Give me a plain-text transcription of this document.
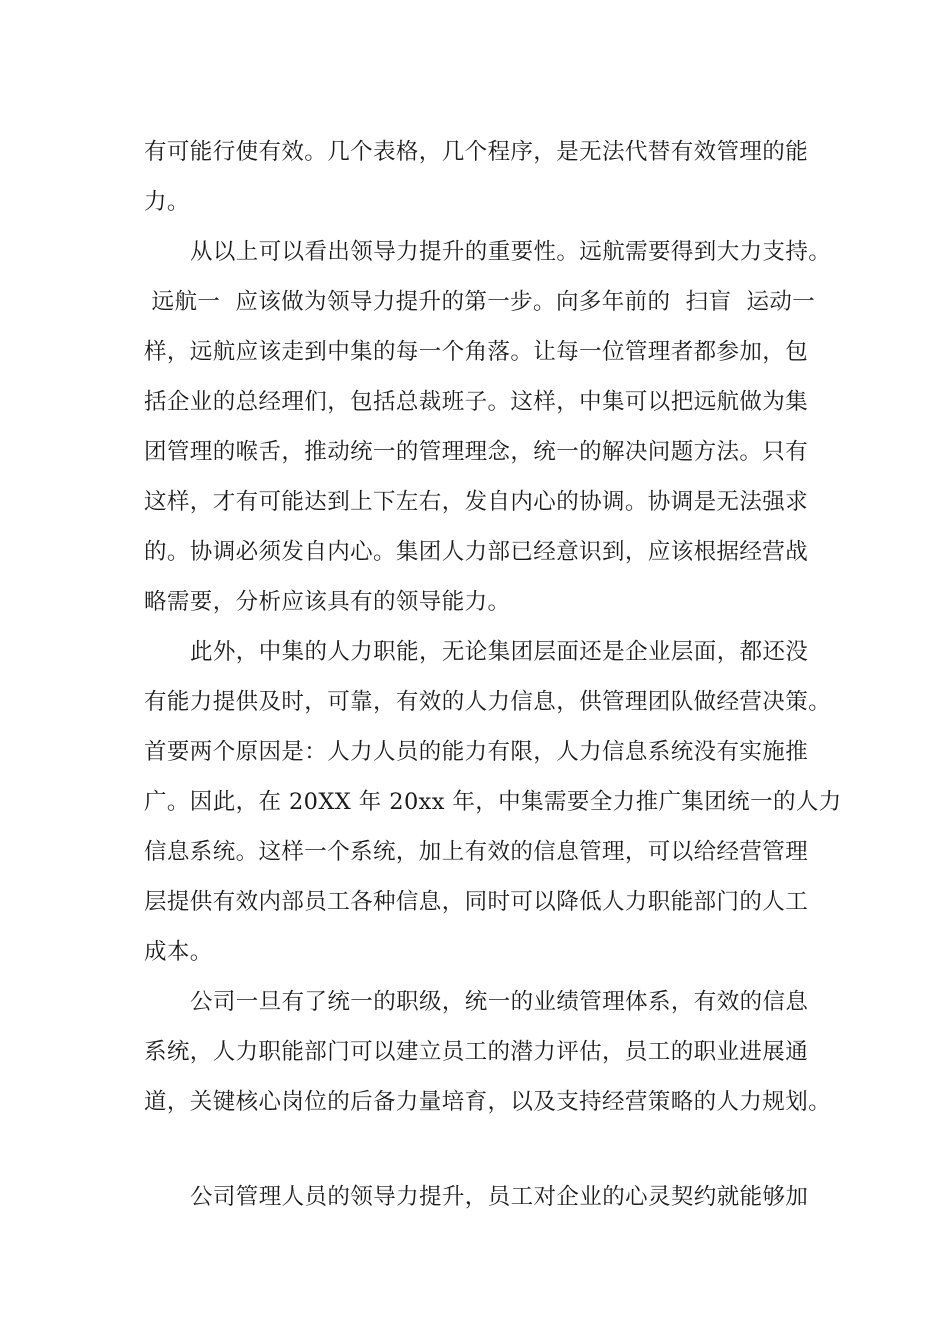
有可能行使有效。几个表格，几个程序，是无法代替有效管理的能
力。
从以上可以看出领导力提升的重要性。远航需要得到大力支持。
远航一  应该做为领导力提升的第一步。向多年前的  扫盲  运动一
样，远航应该走到中集的每一个角落。让每一位管理者都参加，包
括企业的总经理们，包括总裁班子。这样，中集可以把远航做为集
团管理的喉舌，推动统一的管理理念，统一的解决问题方法。只有
这样，才有可能达到上下左右，发自内心的协调。协调是无法强求
的。协调必须发自内心。集团人力部已经意识到，应该根据经营战
略需要，分析应该具有的领导能力。
此外，中集的人力职能，无论集团层面还是企业层面，都还没
有能力提供及时，可靠，有效的人力信息，供管理团队做经营决策。
首要两个原因是：人力人员的能力有限，人力信息系统没有实施推
广。因此，在 20XX 年 20xx 年，中集需要全力推广集团统一的人力
信息系统。这样一个系统，加上有效的信息管理，可以给经营管理
层提供有效内部员工各种信息，同时可以降低人力职能部门的人工
成本。
公司一旦有了统一的职级，统一的业绩管理体系，有效的信息
系统，人力职能部门可以建立员工的潜力评估，员工的职业进展通
道，关键核心岗位的后备力量培育，以及支持经营策略的人力规划。
公司管理人员的领导力提升，员工对企业的心灵契约就能够加
